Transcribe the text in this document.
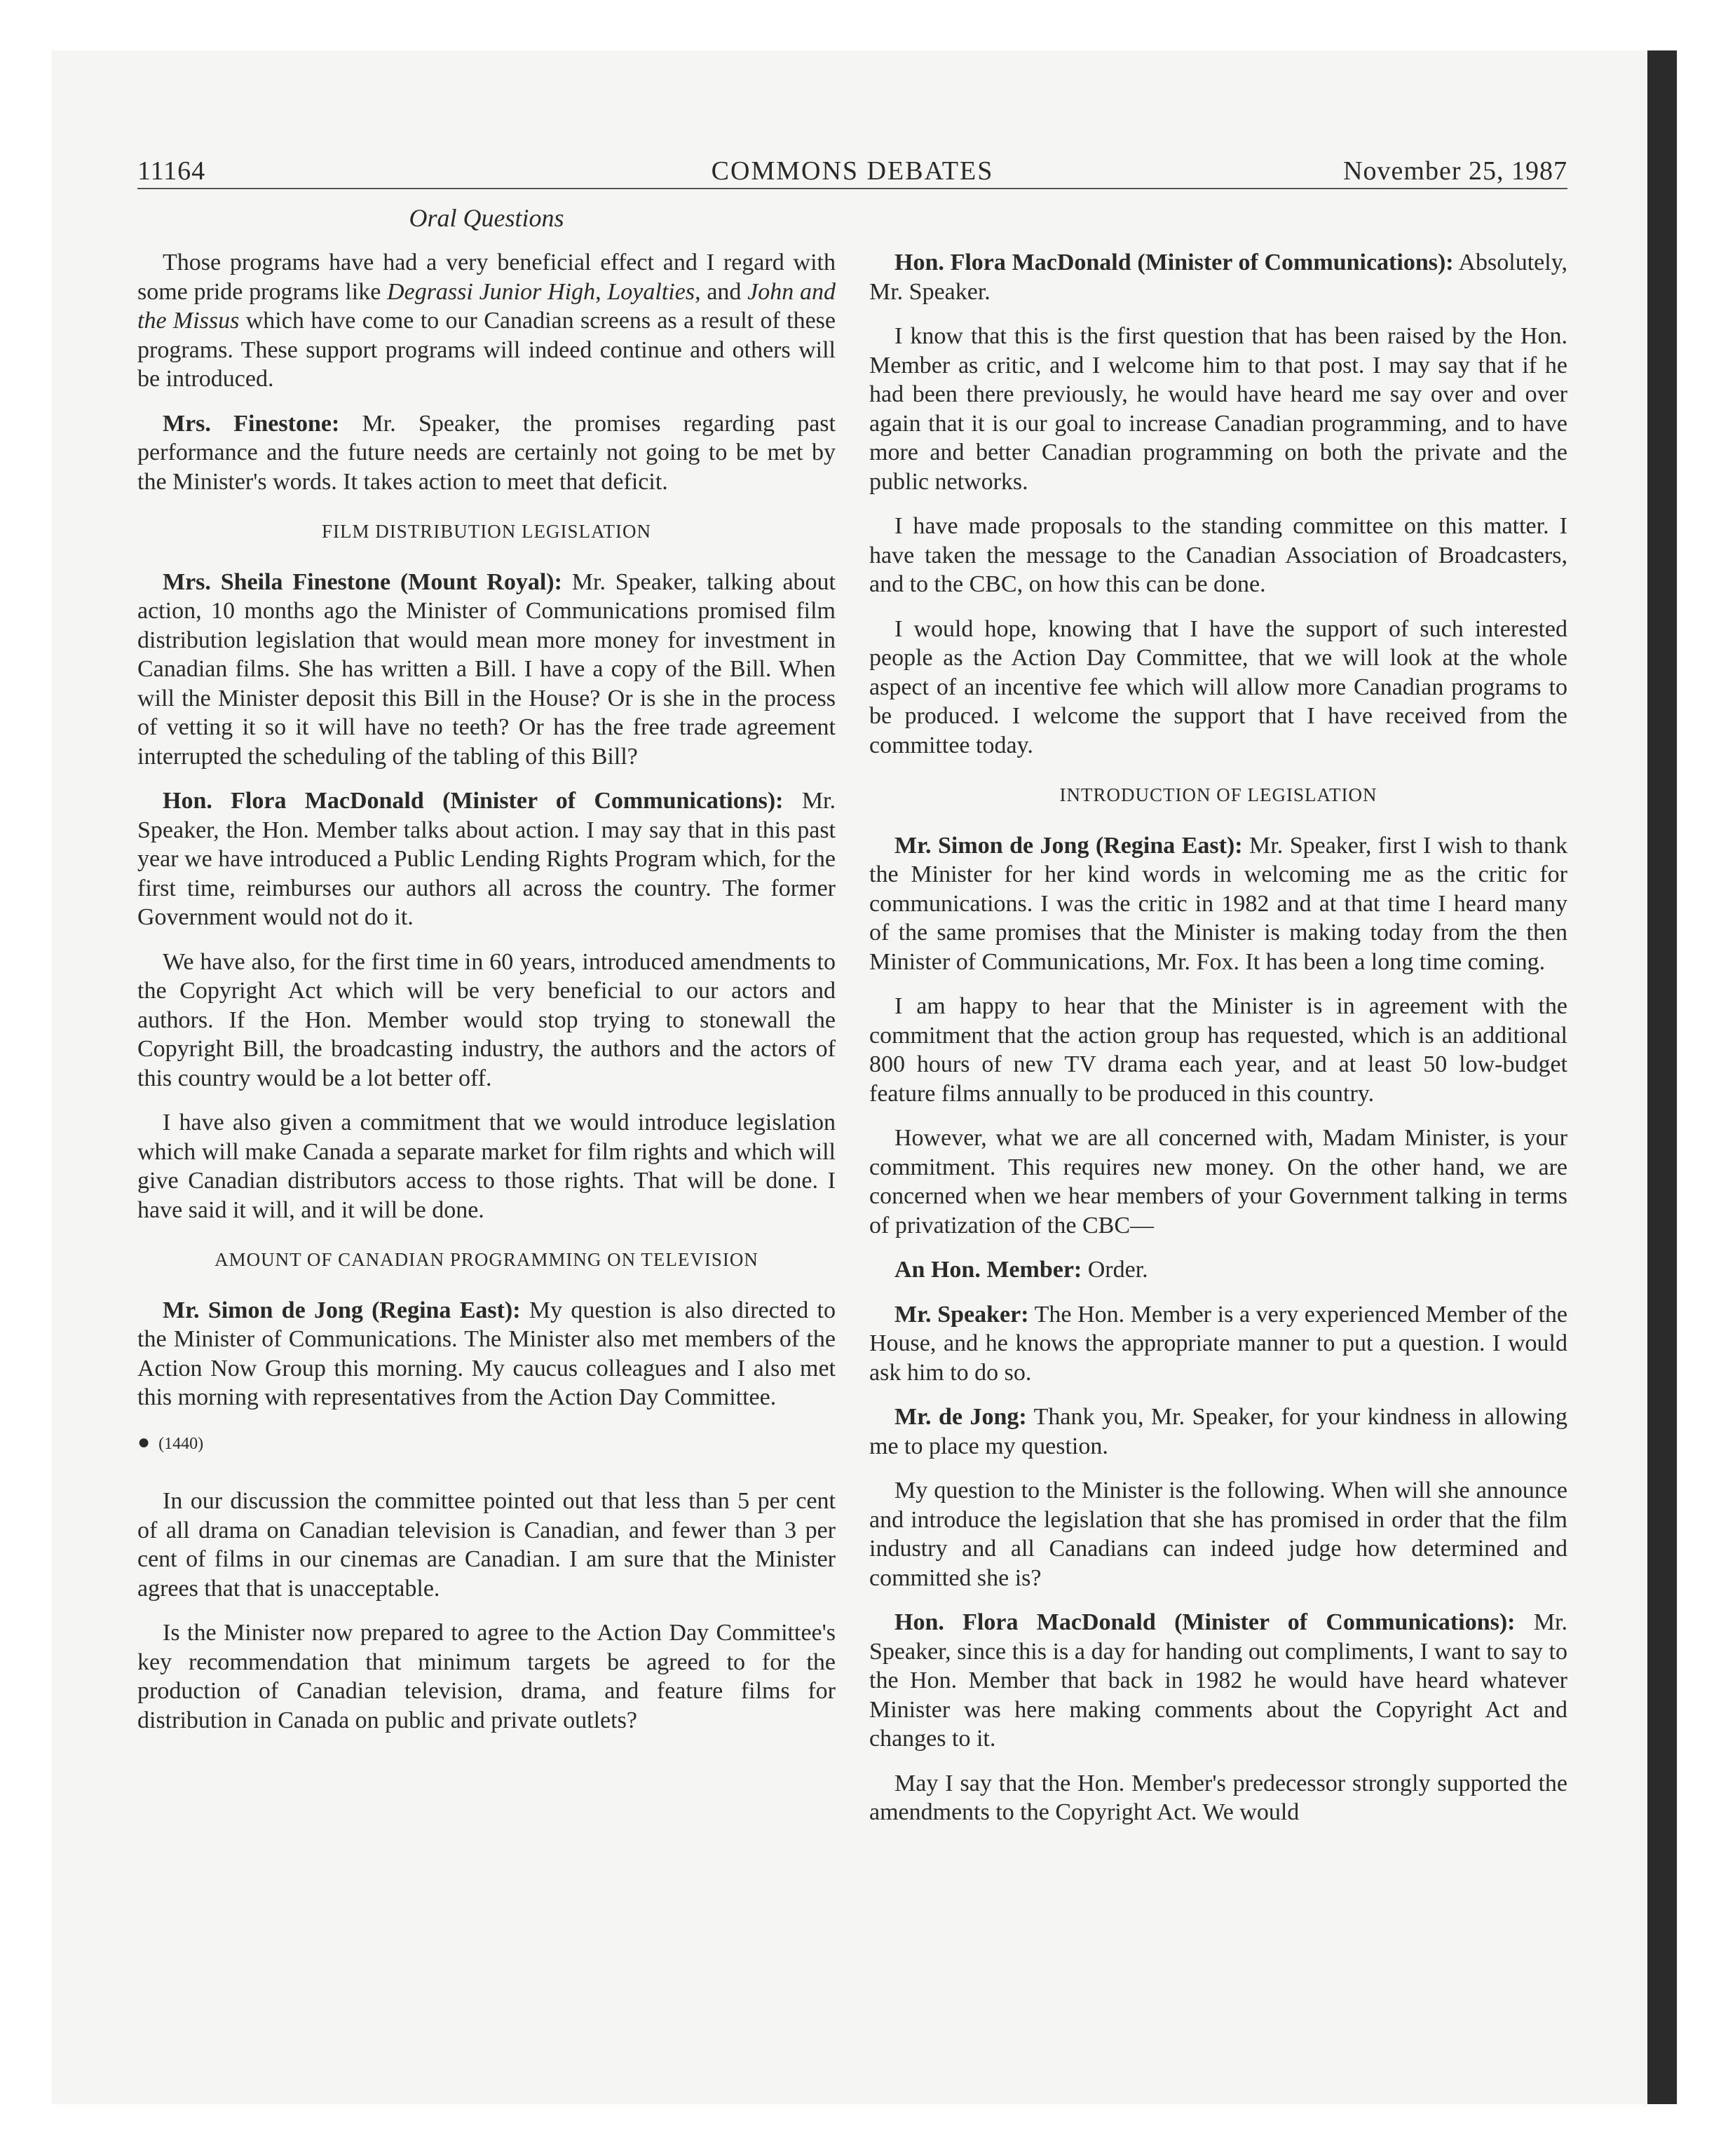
11164	COMMONS DEBATES	November 25, 1987
Oral Questions

Those programs have had a very beneficial effect and I regard with some pride programs like Degrassi Junior High, Loyalties, and John and the Missus which have come to our Canadian screens as a result of these programs. These support programs will indeed continue and others will be introduced.

Mrs. Finestone: Mr. Speaker, the promises regarding past performance and the future needs are certainly not going to be met by the Minister's words. It takes action to meet that deficit.

FILM DISTRIBUTION LEGISLATION

Mrs. Sheila Finestone (Mount Royal): Mr. Speaker, talking about action, 10 months ago the Minister of Communications promised film distribution legislation that would mean more money for investment in Canadian films. She has written a Bill. I have a copy of the Bill. When will the Minister deposit this Bill in the House? Or is she in the process of vetting it so it will have no teeth? Or has the free trade agreement interrupted the scheduling of the tabling of this Bill?

Hon. Flora MacDonald (Minister of Communications): Mr. Speaker, the Hon. Member talks about action. I may say that in this past year we have introduced a Public Lending Rights Program which, for the first time, reimburses our authors all across the country. The former Government would not do it.

We have also, for the first time in 60 years, introduced amendments to the Copyright Act which will be very beneficial to our actors and authors. If the Hon. Member would stop trying to stonewall the Copyright Bill, the broadcasting industry, the authors and the actors of this country would be a lot better off.

I have also given a commitment that we would introduce legislation which will make Canada a separate market for film rights and which will give Canadian distributors access to those rights. That will be done. I have said it will, and it will be done.

AMOUNT OF CANADIAN PROGRAMMING ON TELEVISION

Mr. Simon de Jong (Regina East): My question is also directed to the Minister of Communications. The Minister also met members of the Action Now Group this morning. My caucus colleagues and I also met this morning with representatives from the Action Day Committee.

● (1440)

In our discussion the committee pointed out that less than 5 per cent of all drama on Canadian television is Canadian, and fewer than 3 per cent of films in our cinemas are Canadian. I am sure that the Minister agrees that that is unacceptable.

Is the Minister now prepared to agree to the Action Day Committee's key recommendation that minimum targets be agreed to for the production of Canadian television, drama, and feature films for distribution in Canada on public and private outlets?

Hon. Flora MacDonald (Minister of Communications): Absolutely, Mr. Speaker.

I know that this is the first question that has been raised by the Hon. Member as critic, and I welcome him to that post. I may say that if he had been there previously, he would have heard me say over and over again that it is our goal to increase Canadian programming, and to have more and better Canadian programming on both the private and the public networks.

I have made proposals to the standing committee on this matter. I have taken the message to the Canadian Association of Broadcasters, and to the CBC, on how this can be done.

I would hope, knowing that I have the support of such interested people as the Action Day Committee, that we will look at the whole aspect of an incentive fee which will allow more Canadian programs to be produced. I welcome the support that I have received from the committee today.

INTRODUCTION OF LEGISLATION

Mr. Simon de Jong (Regina East): Mr. Speaker, first I wish to thank the Minister for her kind words in welcoming me as the critic for communications. I was the critic in 1982 and at that time I heard many of the same promises that the Minister is making today from the then Minister of Communications, Mr. Fox. It has been a long time coming.

I am happy to hear that the Minister is in agreement with the commitment that the action group has requested, which is an additional 800 hours of new TV drama each year, and at least 50 low-budget feature films annually to be produced in this country.

However, what we are all concerned with, Madam Minister, is your commitment. This requires new money. On the other hand, we are concerned when we hear members of your Government talking in terms of privatization of the CBC—

An Hon. Member: Order.

Mr. Speaker: The Hon. Member is a very experienced Member of the House, and he knows the appropriate manner to put a question. I would ask him to do so.

Mr. de Jong: Thank you, Mr. Speaker, for your kindness in allowing me to place my question.

My question to the Minister is the following. When will she announce and introduce the legislation that she has promised in order that the film industry and all Canadians can indeed judge how determined and committed she is?

Hon. Flora MacDonald (Minister of Communications): Mr. Speaker, since this is a day for handing out compliments, I want to say to the Hon. Member that back in 1982 he would have heard whatever Minister was here making comments about the Copyright Act and changes to it.

May I say that the Hon. Member's predecessor strongly supported the amendments to the Copyright Act. We would
